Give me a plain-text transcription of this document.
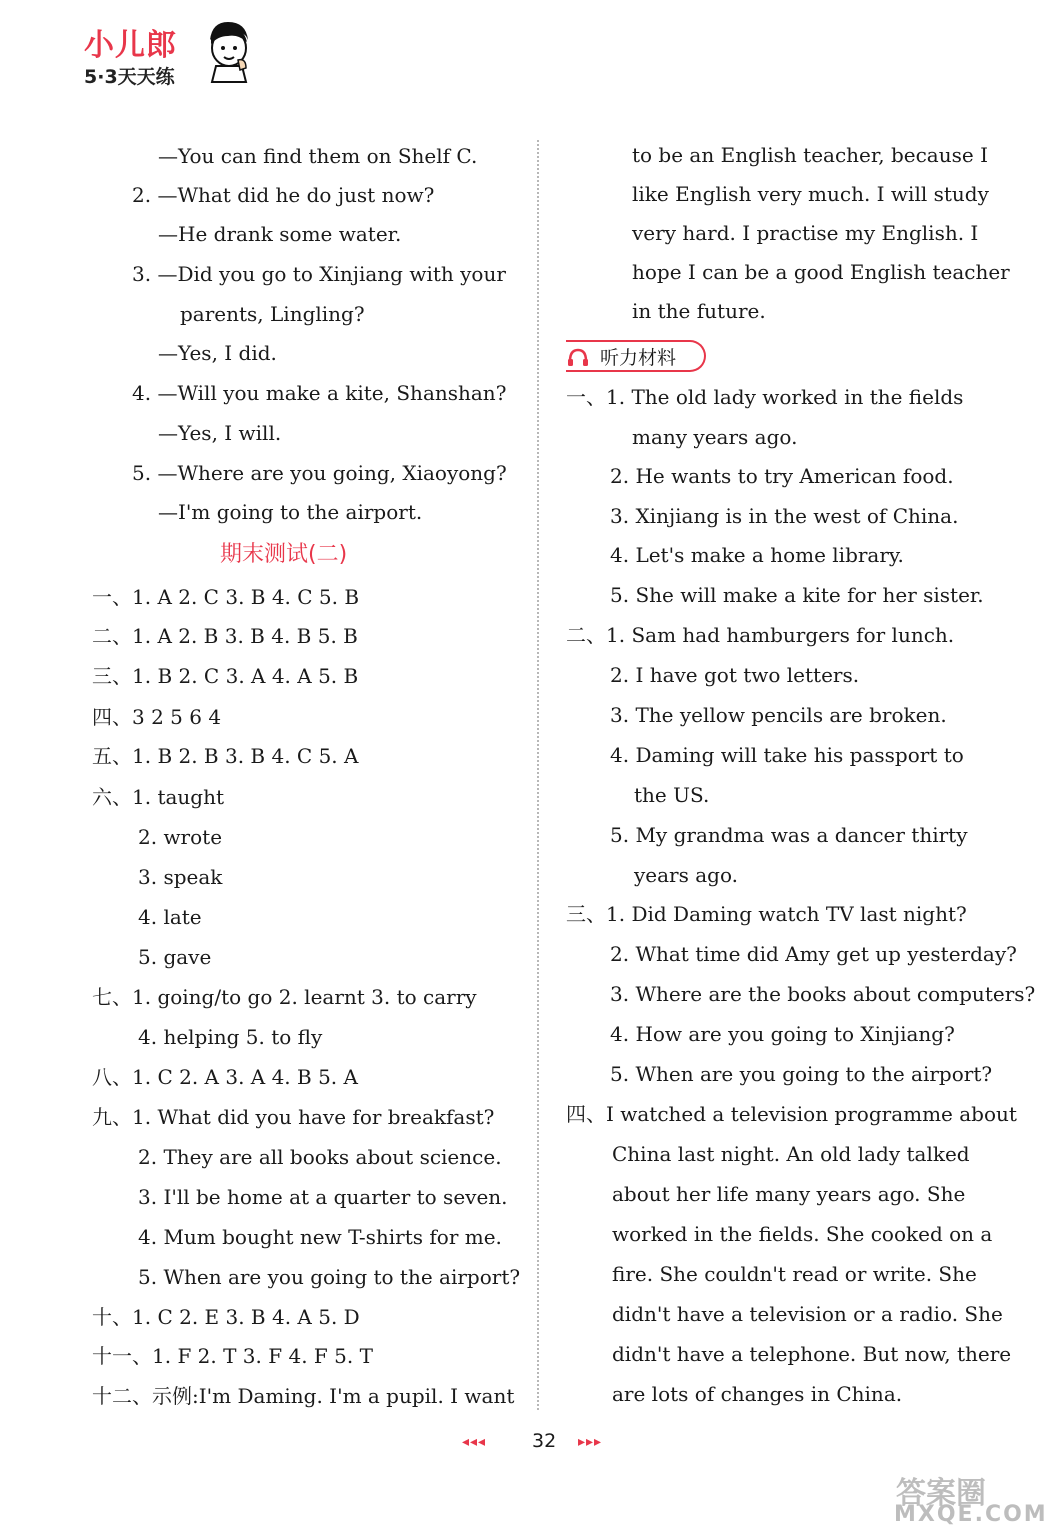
小儿郎
5·3天天练
—You can find them on Shelf C.
2. —What did he do just now?
—He drank some water.
3. —Did you go to Xinjiang with your
parents, Lingling?
—Yes, I did.
4. —Will you make a kite, Shanshan?
—Yes, I will.
5. —Where are you going, Xiaoyong?
—I'm going to the airport.
期末测试(二)
一、1. A 2. C 3. B 4. C 5. B
二、1. A 2. B 3. B 4. B 5. B
三、1. B 2. C 3. A 4. A 5. B
四、3 2 5 6 4
五、1. B 2. B 3. B 4. C 5. A
六、1. taught
2. wrote
3. speak
4. late
5. gave
七、1. going/to go 2. learnt 3. to carry
4. helping 5. to fly
八、1. C 2. A 3. A 4. B 5. A
九、1. What did you have for breakfast?
2. They are all books about science.
3. I'll be home at a quarter to seven.
4. Mum bought new T-shirts for me.
5. When are you going to the airport?
十、1. C 2. E 3. B 4. A 5. D
十一、1. F 2. T 3. F 4. F 5. T
十二、示例:I'm Daming. I'm a pupil. I want
to be an English teacher, because I
like English very much. I will study
very hard. I practise my English. I
hope I can be a good English teacher
in the future.
听力材料
一、1. The old lady worked in the fields
many years ago.
2. He wants to try American food.
3. Xinjiang is in the west of China.
4. Let's make a home library.
5. She will make a kite for her sister.
二、1. Sam had hamburgers for lunch.
2. I have got two letters.
3. The yellow pencils are broken.
4. Daming will take his passport to
the US.
5. My grandma was a dancer thirty
years ago.
三、1. Did Daming watch TV last night?
2. What time did Amy get up yesterday?
3. Where are the books about computers?
4. How are you going to Xinjiang?
5. When are you going to the airport?
四、I watched a television programme about
China last night. An old lady talked
about her life many years ago. She
worked in the fields. She cooked on a
fire. She couldn't read or write. She
didn't have a television or a radio. She
didn't have a telephone. But now, there
are lots of changes in China.
◂◂◂ 32 ▸▸▸
答案圈
MXQE.COM
